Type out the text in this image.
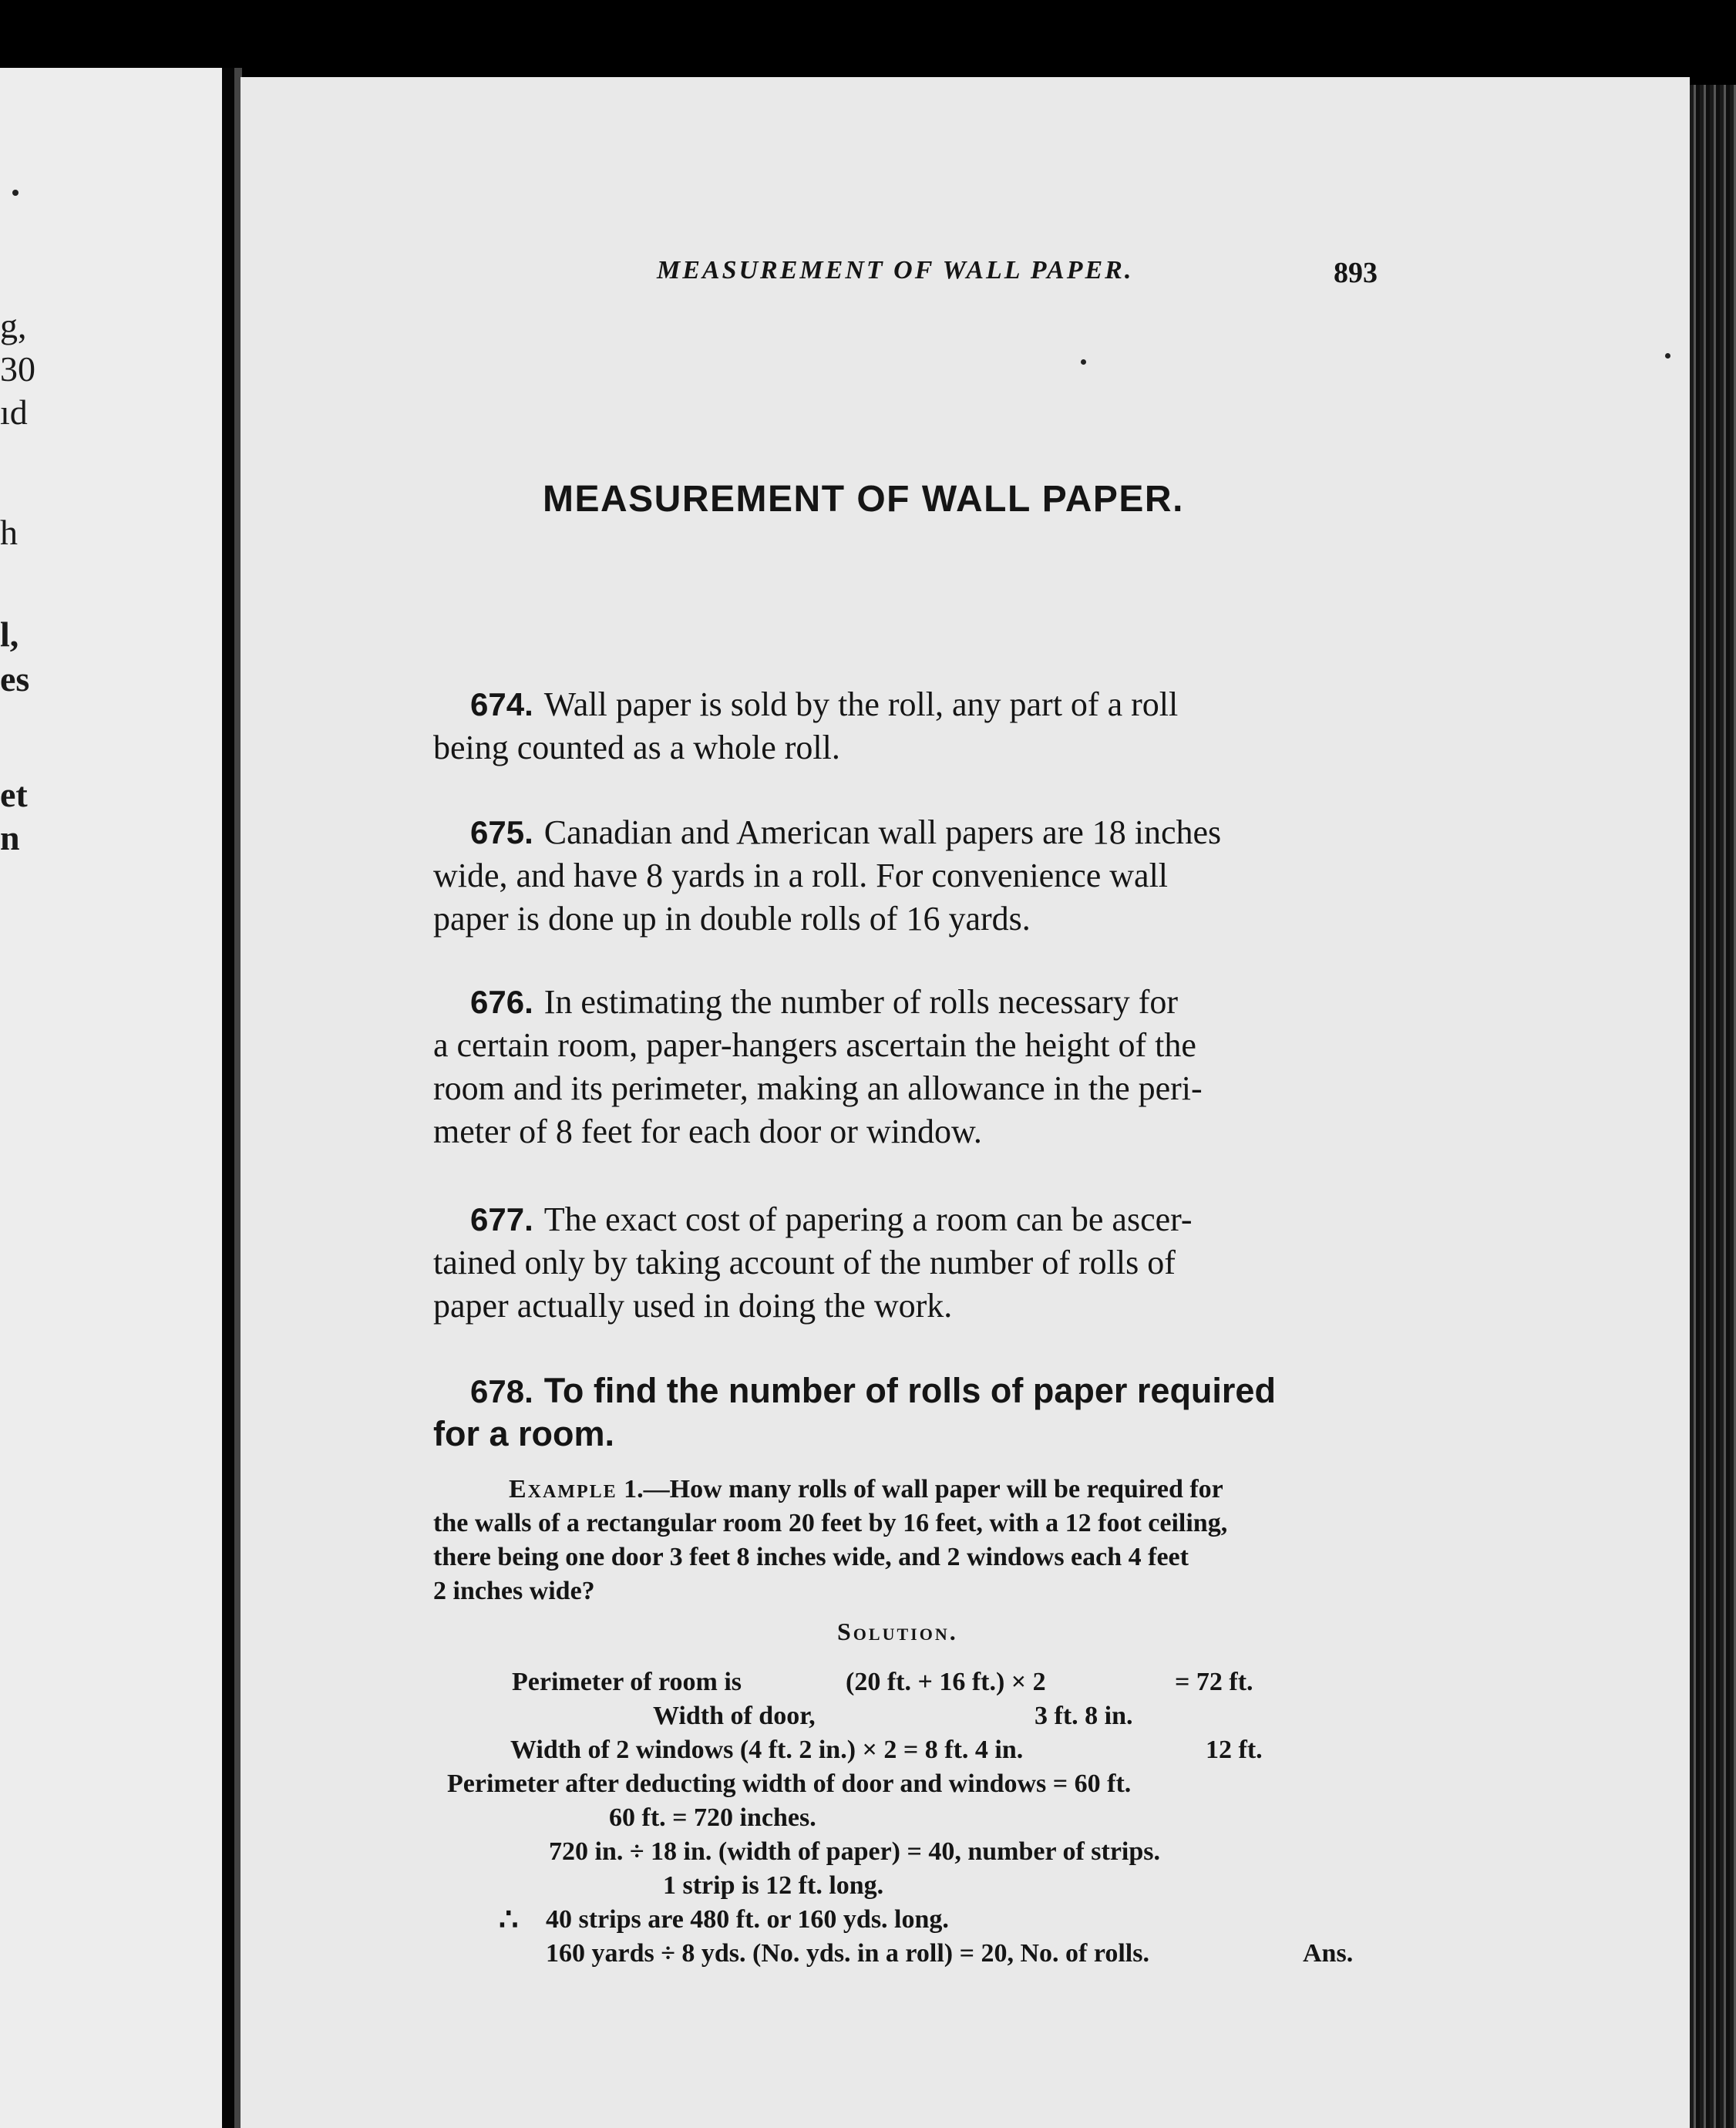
g,
30
ıd
h
l,
es
et
n
MEASUREMENT OF WALL PAPER.	893
MEASUREMENT OF WALL PAPER.
674. Wall paper is sold by the roll, any part of a roll
being counted as a whole roll.
675. Canadian and American wall papers are 18 inches
wide, and have 8 yards in a roll. For convenience wall
paper is done up in double rolls of 16 yards.
676. In estimating the number of rolls necessary for
a certain room, paper-hangers ascertain the height of the
room and its perimeter, making an allowance in the peri-
meter of 8 feet for each door or window.
677. The exact cost of papering a room can be ascer-
tained only by taking account of the number of rolls of
paper actually used in doing the work.
678. To find the number of rolls of paper required
for a room.
Example 1.—How many rolls of wall paper will be required for
the walls of a rectangular room 20 feet by 16 feet, with a 12 foot ceiling,
there being one door 3 feet 8 inches wide, and 2 windows each 4 feet
2 inches wide?
Solution.
Perimeter of room is	(20 ft. + 16 ft.) × 2	= 72 ft.
Width of door,	3 ft. 8 in.
Width of 2 windows (4 ft. 2 in.) × 2 = 8 ft. 4 in.	12 ft.
Perimeter after deducting width of door and windows = 60 ft.
60 ft. = 720 inches.
720 in. ÷ 18 in. (width of paper) = 40, number of strips.
1 strip is 12 ft. long.
∴ 40 strips are 480 ft. or 160 yds. long.
160 yards ÷ 8 yds. (No. yds. in a roll) = 20, No. of rolls.	Ans.
